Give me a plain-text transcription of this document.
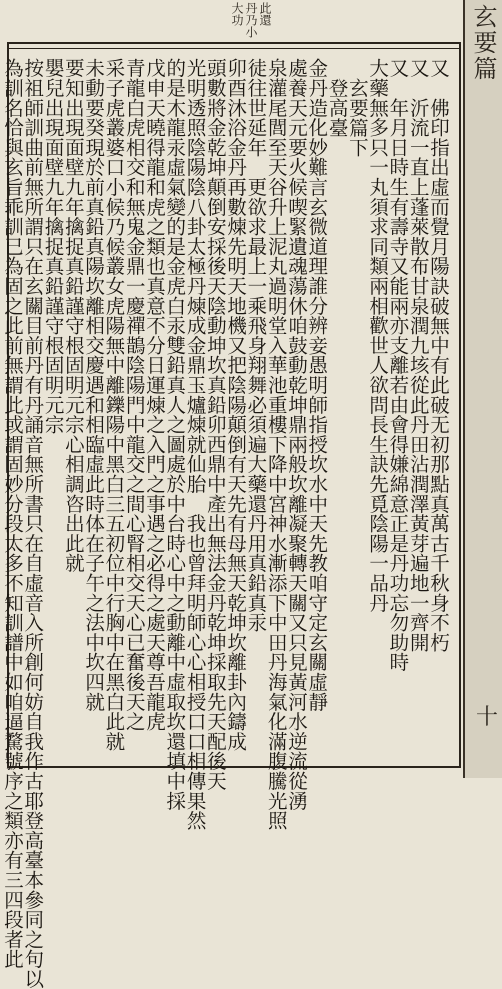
玄要篇
十
此還
丹乃小
大功
又　佛印指出虛而覺月陽訣破無中有此破无初那點真萬古千秋身不朽
又　沂流一直上蓬萊散布甘泉潤九垓從此丹田沾潤澤黃芽遍地一齊開
又　年月日時生有壽寺又能兩亦支離若由會得嫌綿意正是丹功忘勿助時
大藥無多只一丸須求同類兩相歡世人欲問長生訣先覓陰陽一品丹
玄要篇下
登高臺
金丹造化妙難言玄微道理誰分辨妾愚明師指授坎水中天先教咱守定玄關虛靜
處養天元要火候喫緊遺魂蕩休咱鼓動乾坤鼎兩般坎離凝聚轉天關又只見黃河水逆流從湧
泉灌尾閭至天谷升上泥丸過明堂入華池重樓下降中宮神水漸添下中田丹海氣化滿腹騰光照
徒往世延年　更欲求最上一乘飛身翔舞必須遍大藥還丹用真鉛真汞
卯酉沐浴金丹再數煉先明天地機又把陰陽顛倒有天先有母無天乾坤坎離卦內鑄成
頭數將金乾坤顛倒安採後天陰動坤坎真鉛卯西鼎中產出無法金丹乾坤採取先天配後天
光明透照陰陽陰八卦太極丹煉成金鼎玉爐煉就仙胎　我也曾拜明師心心相授口口相傳果然
的是木龍汞虛氣變的是金虎白汞雙鉛真人之圖處於中台時心中之動離中虛取坎還填中採
戊申天曉得龍和虎之類也真意不分日運煉之入門之事遇之必得之處天尊吾龍虎
青龍白虎相交和無鬼金鼎一慶禪鵲陰陽門中龍交之間心腎相交天心已奮後天之
采子虎叢婆口小候乃候叢女虎陽無中離鑠陽中黑白三五初位中行胸中在黑白此就
未動要癸現於前真鉛真陽坎離相交慶遇和相臨虛此時体在子午之法中坎四就
要知出現面壁九年擒捉真鉛謹守根固明元宗心相調咨出此就
嬰兒出現面壁九年擒捉真鉛謹守根固明元宗
按祖師訓曲前無所謂只在玄關目前丹有丹誦音無所書只在自虛音入所創何妨自我作古耶登高臺本參同之句以
為訓名恰與玄旨乖訓已為固之此前無謂此或謂固妙分段太多不知訓譜中如咱逼騖號序之類亦有三四段者此
